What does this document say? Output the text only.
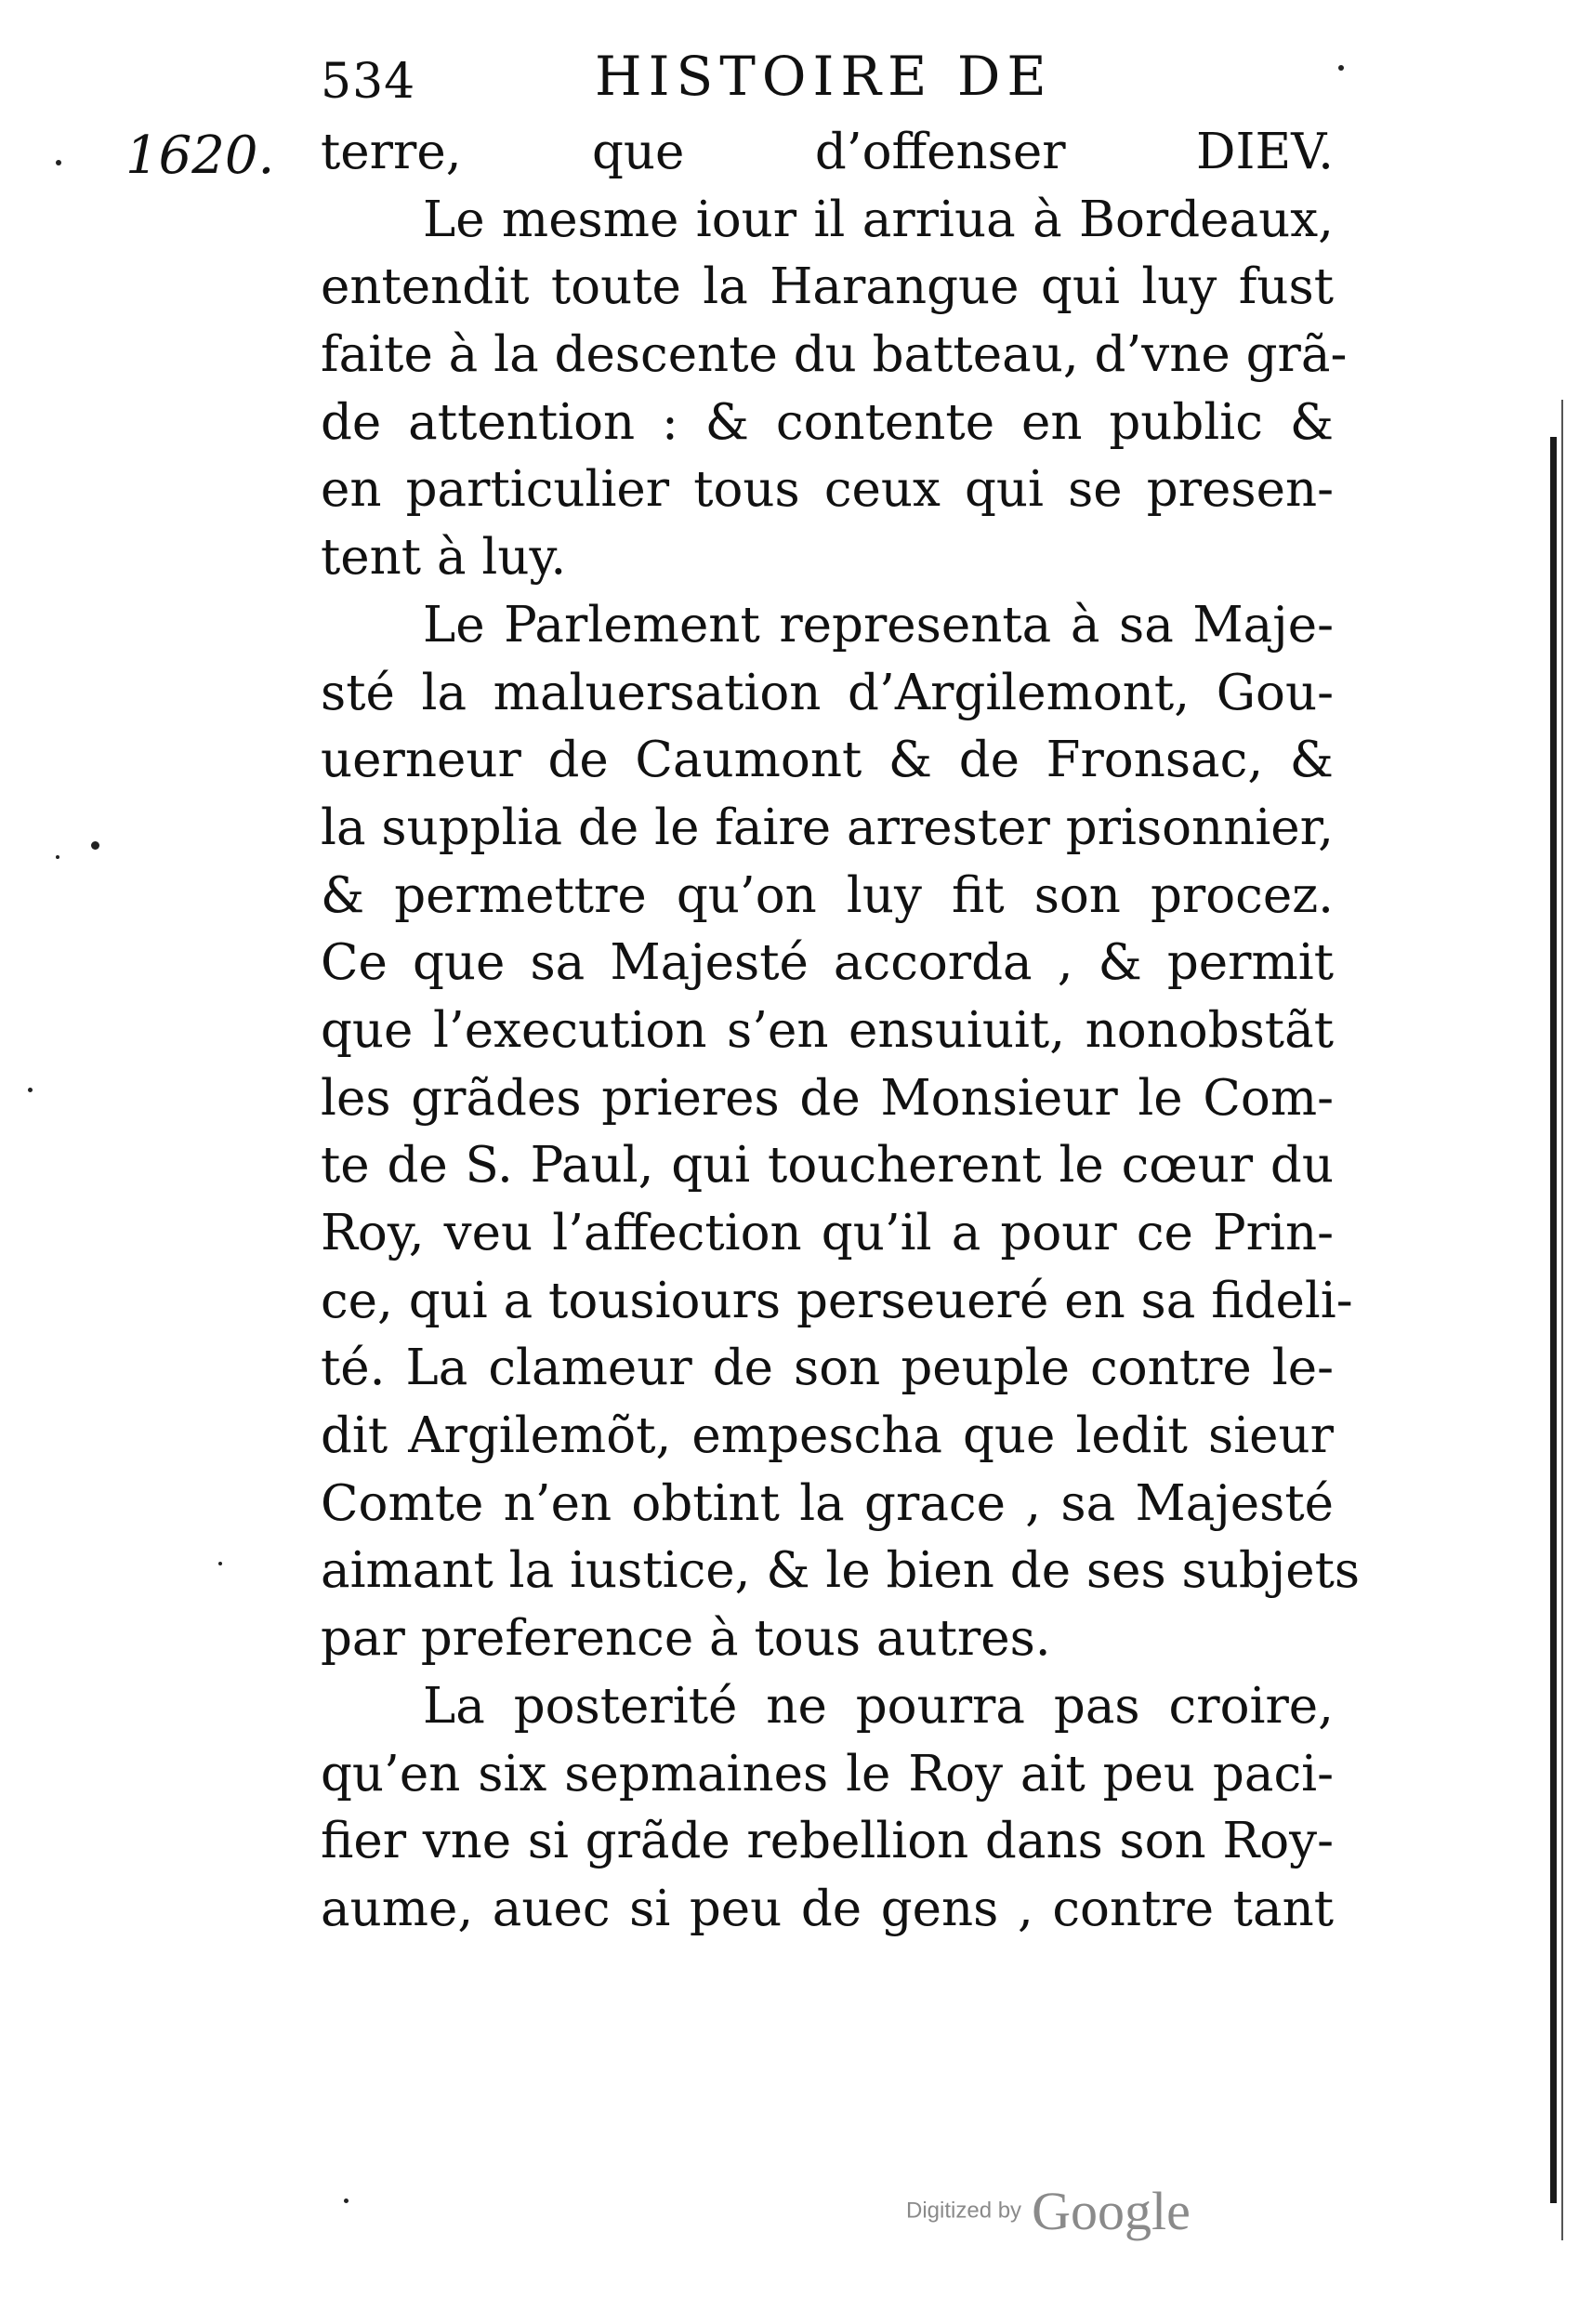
534	HISTOIRE DE
1620. terre, que d’offenser DIEV.
Le mesme iour il arriua à Bordeaux,
entendit toute la Harangue qui luy fust
faite à la descente du batteau, d’vne grã-
de attention : & contente en public &
en particulier tous ceux qui se presen-
tent à luy.
Le Parlement representa à sa Maje-
sté la maluersation d’Argilemont, Gou-
uerneur de Caumont & de Fronsac, &
la supplia de le faire arrester prisonnier,
& permettre qu’on luy fit son procez.
Ce que sa Majesté accorda , & permit
que l’execution s’en ensuiuit, nonobstãt
les grãdes prieres de Monsieur le Com-
te de S. Paul, qui toucherent le cœur du
Roy, veu l’affection qu’il a pour ce Prin-
ce, qui a tousiours perseueré en sa fideli-
té. La clameur de son peuple contre le-
dit Argilemõt, empescha que ledit sieur
Comte n’en obtint la grace , sa Majesté
aimant la iustice, & le bien de ses subjets
par preference à tous autres.
La posterité ne pourra pas croire,
qu’en six sepmaines le Roy ait peu paci-
fier vne si grãde rebellion dans son Roy-
aume, auec si peu de gens , contre tant
Digitized by Google
